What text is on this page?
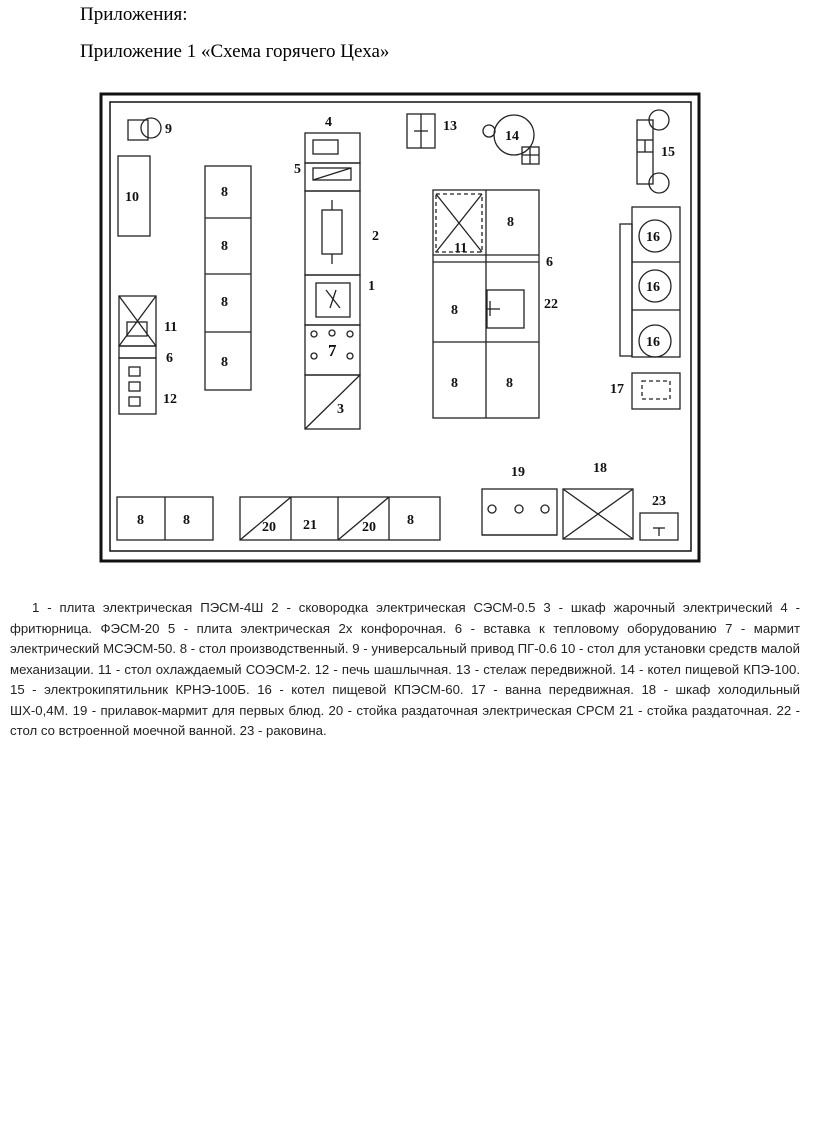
Приложения:
Приложение 1 «Схема горячего Цеха»
9
10	8
8
8
8
11
6
12
4
5
2
1
7
3
13
14
15
8
11
6
8	22
8	8
16
16
16
17
19	18
23
8	8	20 21	20 8

1 - плита электрическая ПЭСМ-4Ш 2 - сковородка электрическая СЭСМ-0.5 3 - шкаф жарочный электрический 4 - фритюрница. ФЭСМ-20 5 - плита электрическая 2х конфорочная. 6 - вставка к тепловому оборудованию 7 - мармит электрический МСЭСМ-50. 8 - стол производственный. 9 - универсальный привод ПГ-0.6 10 - стол для установки средств малой механизации. 11 - стол охлаждаемый СОЭСМ-2. 12 - печь шашлычная. 13 - стелаж передвижной. 14 - котел пищевой КПЭ-100. 15 - электрокипятильник КРНЭ-100Б. 16 - котел пищевой КПЭСМ-60. 17 - ванна передвижная. 18 - шкаф холодильный ШХ-0,4М. 19 - прилавок-мармит для первых блюд. 20 - стойка раздаточная электрическая СРСМ 21 - стойка раздаточная. 22 - стол со встроенной моечной ванной. 23 - раковина.
